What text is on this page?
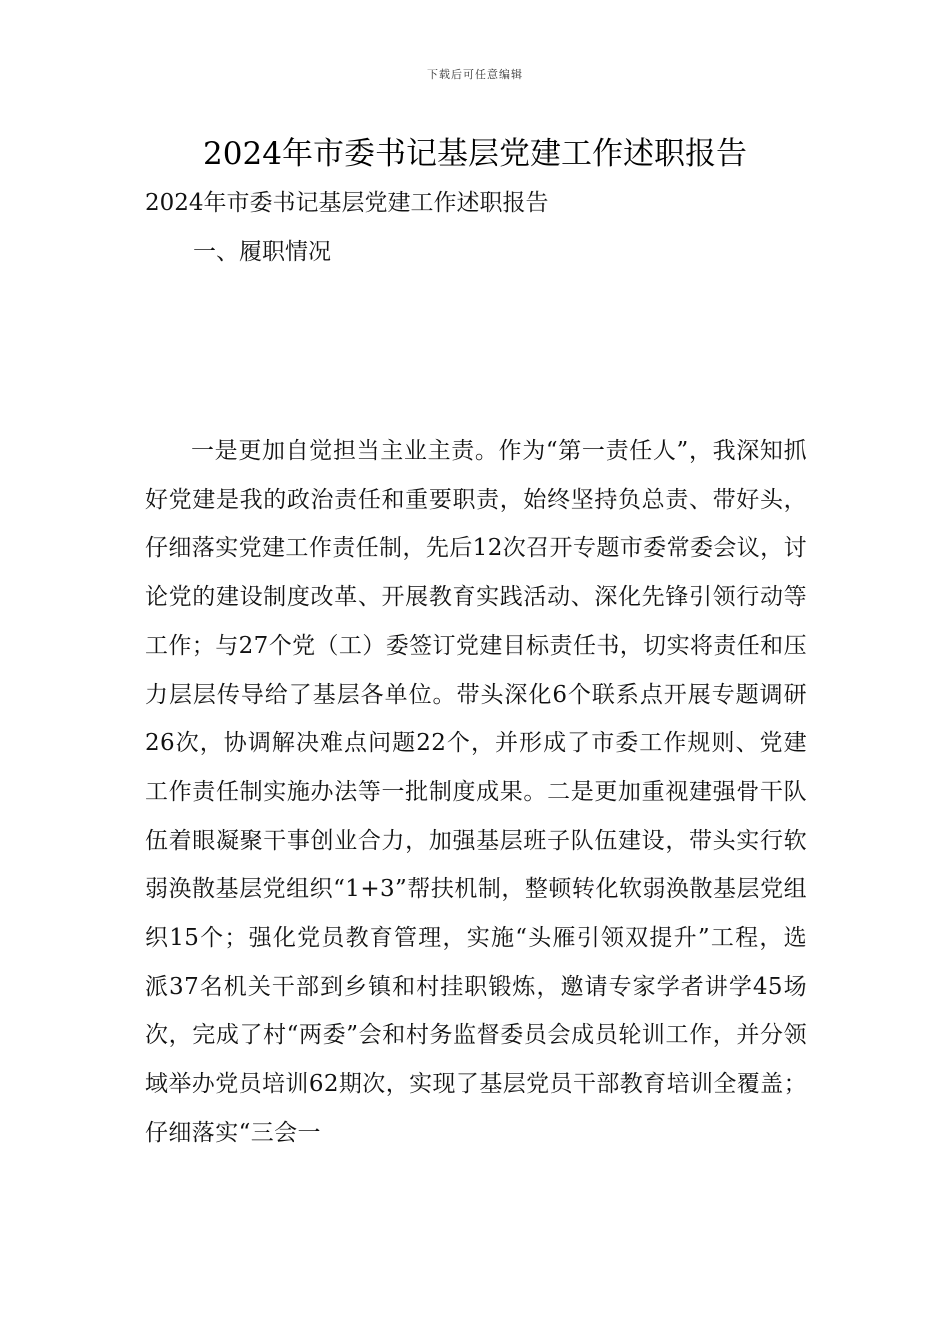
下载后可任意编辑
2024年市委书记基层党建工作述职报告

2024年市委书记基层党建工作述职报告

一、履职情况

一是更加自觉担当主业主责。作为“第一责任人”，我深知抓好党建是我的政治责任和重要职责，始终坚持负总责、带好头，仔细落实党建工作责任制，先后12次召开专题市委常委会议，讨论党的建设制度改革、开展教育实践活动、深化先锋引领行动等工作；与27个党（工）委签订党建目标责任书，切实将责任和压力层层传导给了基层各单位。带头深化6个联系点开展专题调研26次，协调解决难点问题22个，并形成了市委工作规则、党建工作责任制实施办法等一批制度成果。二是更加重视建强骨干队伍着眼凝聚干事创业合力，加强基层班子队伍建设，带头实行软弱涣散基层党组织“1+3”帮扶机制，整顿转化软弱涣散基层党组织15个；强化党员教育管理，实施“头雁引领双提升”工程，选派37名机关干部到乡镇和村挂职锻炼，邀请专家学者讲学45场次，完成了村“两委”会和村务监督委员会成员轮训工作，并分领域举办党员培训62期次，实现了基层党员干部教育培训全覆盖；仔细落实“三会一
